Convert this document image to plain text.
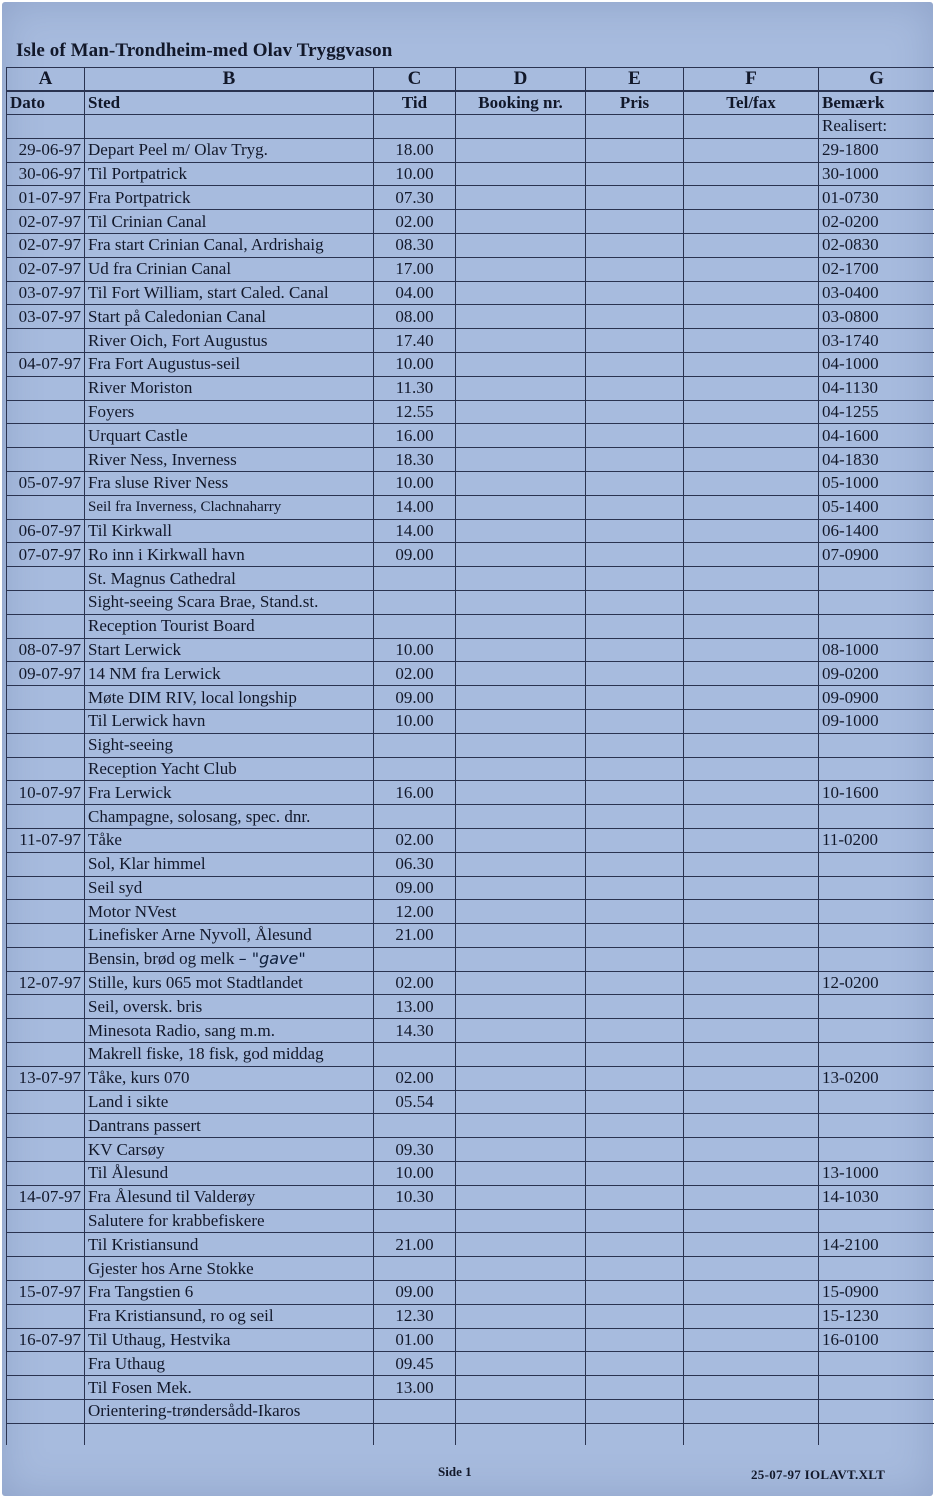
Isle of Man-Trondheim-med Olav Tryggvason
A	B	C	D	E	F	G
Dato	Sted	Tid	Booking nr.	Pris	Tel/fax	Bemærk
						Realisert:
29-06-97	Depart Peel m/ Olav Tryg.	18.00				29-1800
30-06-97	Til Portpatrick	10.00				30-1000
01-07-97	Fra Portpatrick	07.30				01-0730
02-07-97	Til Crinian Canal	02.00				02-0200
02-07-97	Fra start Crinian Canal, Ardrishaig	08.30				02-0830
02-07-97	Ud fra Crinian Canal	17.00				02-1700
03-07-97	Til Fort William, start Caled. Canal	04.00				03-0400
03-07-97	Start på Caledonian Canal	08.00				03-0800
	River Oich, Fort Augustus	17.40				03-1740
04-07-97	Fra Fort Augustus-seil	10.00				04-1000
	River Moriston	11.30				04-1130
	Foyers	12.55				04-1255
	Urquart Castle	16.00				04-1600
	River Ness, Inverness	18.30				04-1830
05-07-97	Fra sluse River Ness	10.00				05-1000
	Seil fra Inverness, Clachnaharry	14.00				05-1400
06-07-97	Til Kirkwall	14.00				06-1400
07-07-97	Ro inn i Kirkwall havn	09.00				07-0900
	St. Magnus Cathedral					
	Sight-seeing Scara Brae, Stand.st.					
	Reception Tourist Board					
08-07-97	Start Lerwick	10.00				08-1000
09-07-97	14 NM fra Lerwick	02.00				09-0200
	Møte DIM RIV, local longship	09.00				09-0900
	Til Lerwick havn	10.00				09-1000
	Sight-seeing					
	Reception Yacht Club					
10-07-97	Fra Lerwick	16.00				10-1600
	Champagne, solosang, spec. dnr.					
11-07-97	Tåke	02.00				11-0200
	Sol, Klar himmel	06.30				
	Seil syd	09.00				
	Motor NVest	12.00				
	Linefisker Arne Nyvoll, Ålesund	21.00				
	Bensin, brød og melk – "gave"					
12-07-97	Stille, kurs 065 mot Stadtlandet	02.00				12-0200
	Seil, oversk. bris	13.00				
	Minesota Radio, sang m.m.	14.30				
	Makrell fiske, 18 fisk, god middag					
13-07-97	Tåke, kurs 070	02.00				13-0200
	Land i sikte	05.54				
	Dantrans passert					
	KV Carsøy	09.30				
	Til Ålesund	10.00				13-1000
14-07-97	Fra Ålesund til Valderøy	10.30				14-1030
	Salutere for krabbefiskere					
	Til Kristiansund	21.00				14-2100
	Gjester hos Arne Stokke					
15-07-97	Fra Tangstien 6	09.00				15-0900
	Fra Kristiansund, ro og seil	12.30				15-1230
16-07-97	Til Uthaug, Hestvika	01.00				16-0100
	Fra Uthaug	09.45				
	Til Fosen Mek.	13.00				
	Orientering-trøndersådd-Ikaros					

Side 1	25-07-97 IOLAVT.XLT
